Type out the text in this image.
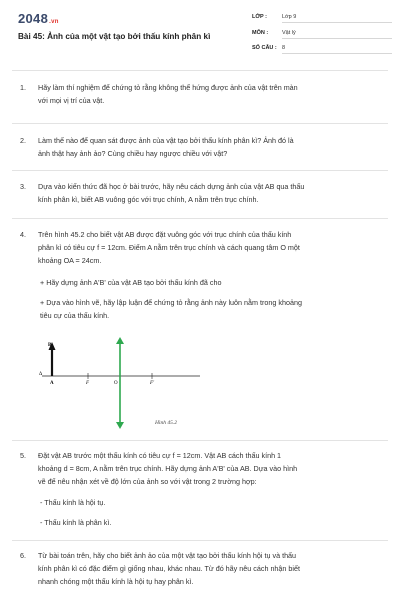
2048.vn
Bài 45: Ảnh của một vật tạo bởi thấu kính phân kì
LỚP :	Lớp 9
MÔN :	Vật lý
SỐ CÂU : 8
1.	Hãy làm thí nghiệm để chứng tỏ rằng không thể hứng được ảnh của vật trên màn
với mọi vị trí của vật.
2.	Làm thế nào để quan sát được ảnh của vật tạo bởi thấu kính phân kì? Ảnh đó là
ảnh thật hay ảnh ảo? Cùng chiều hay ngược chiều với vật?
3.	Dựa vào kiến thức đã học ở bài trước, hãy nêu cách dựng ảnh của vật AB qua thấu
kính phân kì, biết AB vuông góc với trục chính, A nằm trên trục chính.
4.	Trên hình 45.2 cho biết vật AB được đặt vuông góc với trục chính của thấu kính
phân kì có tiêu cự f = 12cm. Điểm A nằm trên trục chính và cách quang tâm O một
khoảng OA = 24cm.
+ Hãy dựng ảnh A'B' của vật AB tạo bởi thấu kính đã cho
+ Dựa vào hình vẽ, hãy lập luận để chứng tỏ rằng ảnh này luôn nằm trong khoảng
tiêu cự của thấu kính.
B
Δ
A	F	O	F'
Hình 45.2
5.	Đặt vật AB trước một thấu kính có tiêu cự f = 12cm. Vật AB cách thấu kính 1
khoảng d = 8cm, A nằm trên trục chính. Hãy dựng ảnh A'B' của AB. Dựa vào hình
vẽ để nêu nhận xét về độ lớn của ảnh so với vật trong 2 trường hợp:
- Thấu kính là hội tụ.
- Thấu kính là phân kì.
6.	Từ bài toán trên, hãy cho biết ảnh ảo của một vật tạo bởi thấu kính hội tụ và thấu
kính phân kì có đặc điểm gì giống nhau, khác nhau. Từ đó hãy nêu cách nhận biết
nhanh chóng một thấu kính là hội tụ hay phân kì.
